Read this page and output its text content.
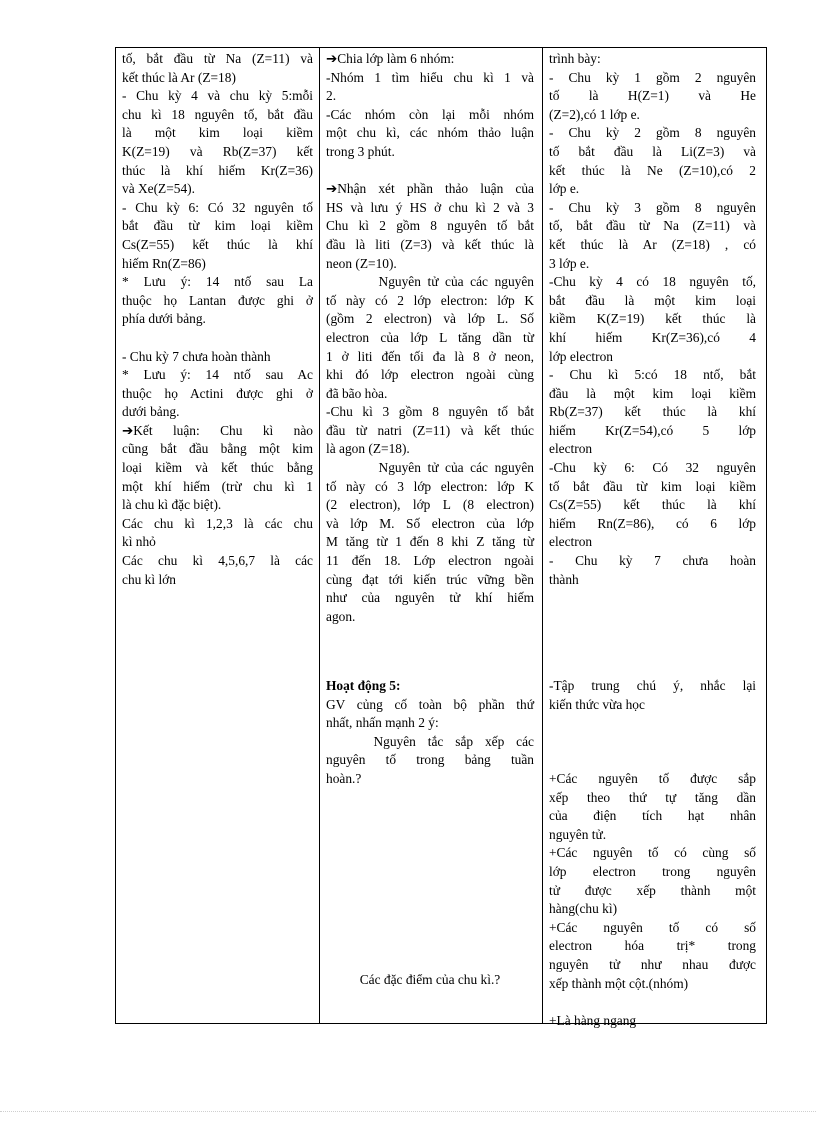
tố, bắt đầu từ Na (Z=11) và
kết thúc là Ar (Z=18)
- Chu kỳ 4 và chu kỳ 5:mỗi
chu kì 18 nguyên tố, bắt đầu
là một kim loại kiềm
K(Z=19) và Rb(Z=37) kết
thúc là khí hiếm Kr(Z=36)
và Xe(Z=54).
- Chu kỳ 6: Có 32 nguyên tố
bắt đầu từ kim loại kiềm
Cs(Z=55) kết thúc là khí
hiếm Rn(Z=86)
* Lưu ý: 14 ntố sau La
thuộc họ Lantan được ghi ở
phía dưới bảng.
- Chu kỳ 7 chưa hoàn thành
* Lưu ý: 14 ntố sau Ac
thuộc họ Actini được ghi ở
dưới bảng.
➔Kết luận: Chu kì nào
cũng bắt đầu bằng một kim
loại kiềm và kết thúc bằng
một khí hiếm (trừ chu kì 1
là chu kì đặc biệt).
Các chu kì 1,2,3 là các chu
kì nhỏ
Các chu kì 4,5,6,7 là các
chu kì lớn
➔Chia lớp làm 6 nhóm:
-Nhóm 1 tìm hiểu chu kì 1 và
2.
-Các nhóm còn lại mỗi nhóm
một chu kì, các nhóm thảo luận
trong 3 phút.
➔Nhận xét phần thảo luận của
HS và lưu ý HS ở chu kì 2 và 3
Chu kì 2 gồm 8 nguyên tố bắt
đầu là liti (Z=3) và kết thúc là
neon (Z=10).
Nguyên tử của các nguyên
tố này có 2 lớp electron: lớp K
(gồm 2 electron) và lớp L. Số
electron của lớp L tăng dần từ
1 ở liti đến tối đa là 8 ở neon,
khi đó lớp electron ngoài cùng
đã bão hòa.
-Chu kì 3 gồm 8 nguyên tố bắt
đầu từ natri (Z=11) và kết thúc
là agon (Z=18).
Nguyên tử của các nguyên
tố này có 3 lớp electron: lớp K
(2 electron), lớp L (8 electron)
và lớp M. Số electron của lớp
M tăng từ 1 đến 8 khi Z tăng từ
11 đến 18. Lớp electron ngoài
cùng đạt tới kiến trúc vững bền
như của nguyên tử khí hiếm
agon.
Hoạt động 5:
GV củng cố toàn bộ phần thứ
nhất, nhấn mạnh 2 ý:
Nguyên tắc sắp xếp các
nguyên tố trong bảng tuần
hoàn.?
Các đặc điểm của chu kì.?
trình bày:
- Chu kỳ 1 gồm 2 nguyên
tố là H(Z=1) và He
(Z=2),có 1 lớp e.
- Chu kỳ 2 gồm 8 nguyên
tố bắt đầu là Li(Z=3) và
kết thúc là Ne (Z=10),có 2
lớp e.
- Chu kỳ 3 gồm 8 nguyên
tố, bắt đầu từ Na (Z=11) và
kết thúc là Ar (Z=18) , có
3 lớp e.
-Chu kỳ 4 có 18 nguyên tố,
bắt đầu là một kim loại
kiềm K(Z=19) kết thúc là
khí hiếm Kr(Z=36),có 4
lớp electron
- Chu kì 5:có 18 ntố, bắt
đầu là một kim loại kiềm
Rb(Z=37) kết thúc là khí
hiếm Kr(Z=54),có 5 lớp
electron
-Chu kỳ 6: Có 32 nguyên
tố bắt đầu từ kim loại kiềm
Cs(Z=55) kết thúc là khí
hiếm Rn(Z=86), có 6 lớp
electron
- Chu kỳ 7 chưa hoàn
thành
-Tập trung chú ý, nhắc lại
kiến thức vừa học
+Các nguyên tố được sắp
xếp theo thứ tự tăng dần
của điện tích hạt nhân
nguyên tử.
+Các nguyên tố có cùng số
lớp electron trong nguyên
tử được xếp thành một
hàng(chu kì)
+Các nguyên tố có số
electron hóa trị* trong
nguyên tử như nhau được
xếp thành một cột.(nhóm)
+Là hàng ngang
